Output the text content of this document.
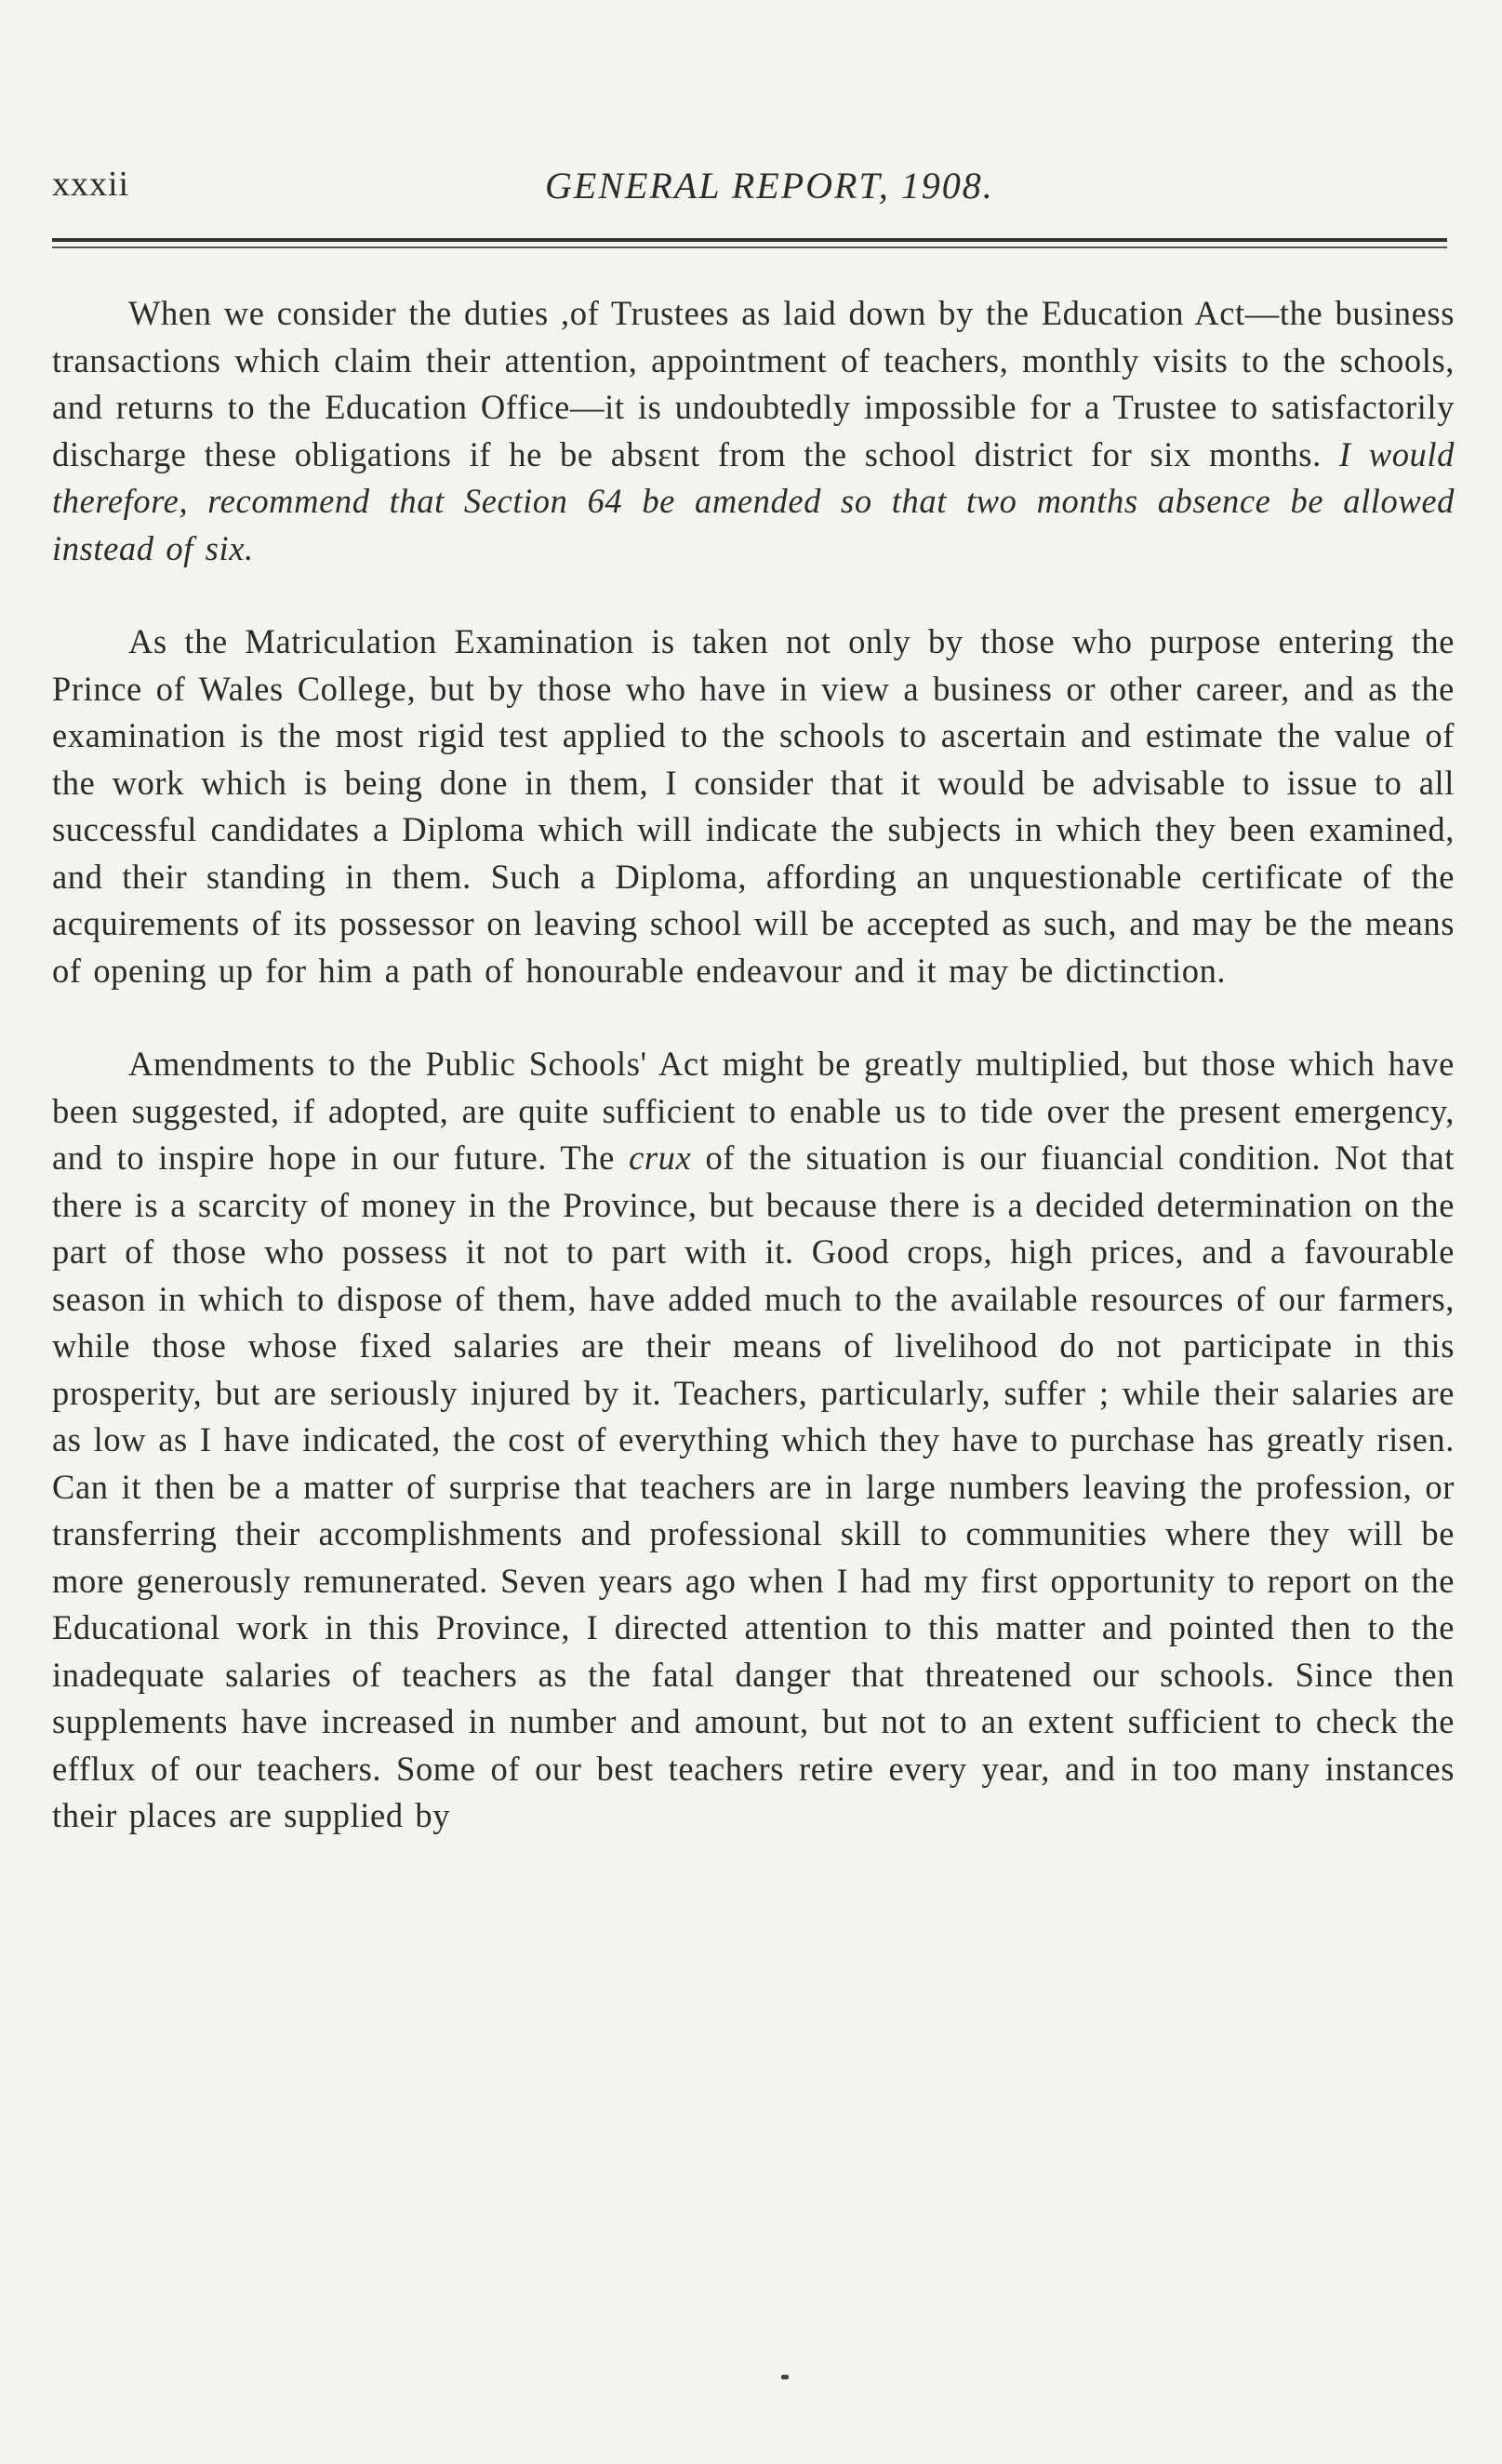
xxxii	GENERAL REPORT, 1908.

When we consider the duties ,of Trustees as laid down by the Education Act—the business transactions which claim their attention, appointment of teachers, monthly visits to the schools, and returns to the Education Office—it is undoubtedly impossible for a Trustee to satisfactorily discharge these obligations if he be absεnt from the school district for six months. I would therefore, recommend that Section 64 be amended so that two months absence be allowed instead of six.

As the Matriculation Examination is taken not only by those who purpose entering the Prince of Wales College, but by those who have in view a business or other career, and as the examination is the most rigid test applied to the schools to ascertain and estimate the value of the work which is being done in them, I consider that it would be advisable to issue to all successful candidates a Diploma which will indicate the subjects in which they been examined, and their standing in them. Such a Diploma, affording an unquestionable certificate of the acquirements of its possessor on leaving school will be accepted as such, and may be the means of opening up for him a path of honourable endeavour and it may be dictinction.

Amendments to the Public Schools' Act might be greatly multiplied, but those which have been suggested, if adopted, are quite sufficient to enable us to tide over the present emergency, and to inspire hope in our future. The crux of the situation is our fiuancial condition. Not that there is a scarcity of money in the Province, but because there is a decided determination on the part of those who possess it not to part with it. Good crops, high prices, and a favourable season in which to dispose of them, have added much to the available resources of our farmers, while those whose fixed salaries are their means of livelihood do not participate in this prosperity, but are seriously injured by it. Teachers, particularly, suffer ; while their salaries are as low as I have indicated, the cost of everything which they have to purchase has greatly risen. Can it then be a matter of surprise that teachers are in large numbers leaving the profession, or transferring their accomplishments and professional skill to communities where they will be more generously remunerated. Seven years ago when I had my first opportunity to report on the Educational work in this Province, I directed attention to this matter and pointed then to the inadequate salaries of teachers as the fatal danger that threatened our schools. Since then supplements have increased in number and amount, but not to an extent sufficient to check the efflux of our teachers. Some of our best teachers retire every year, and in too many instances their places are supplied by
